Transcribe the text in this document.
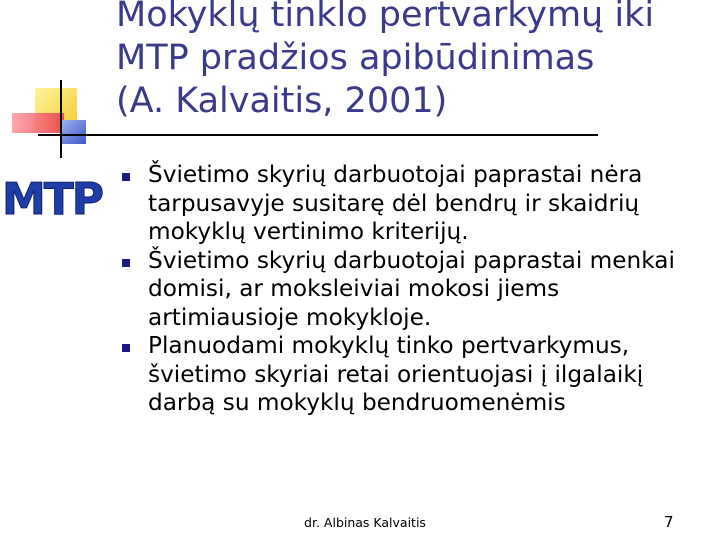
MTP
Mokyklų tinklo pertvarkymų iki
MTP pradžios apibūdinimas
(A. Kalvaitis, 2001)
Švietimo skyrių darbuotojai paprastai nėra tarpusavyje susitarę dėl bendrų ir skaidrių mokyklų vertinimo kriterijų.
Švietimo skyrių darbuotojai paprastai menkai domisi, ar moksleiviai mokosi jiems artimiausioje mokykloje.
Planuodami mokyklų tinko pertvarkymus, švietimo skyriai retai orientuojasi į ilgalaikį darbą su mokyklų bendruomenėmis
dr. Albinas Kalvaitis	7
